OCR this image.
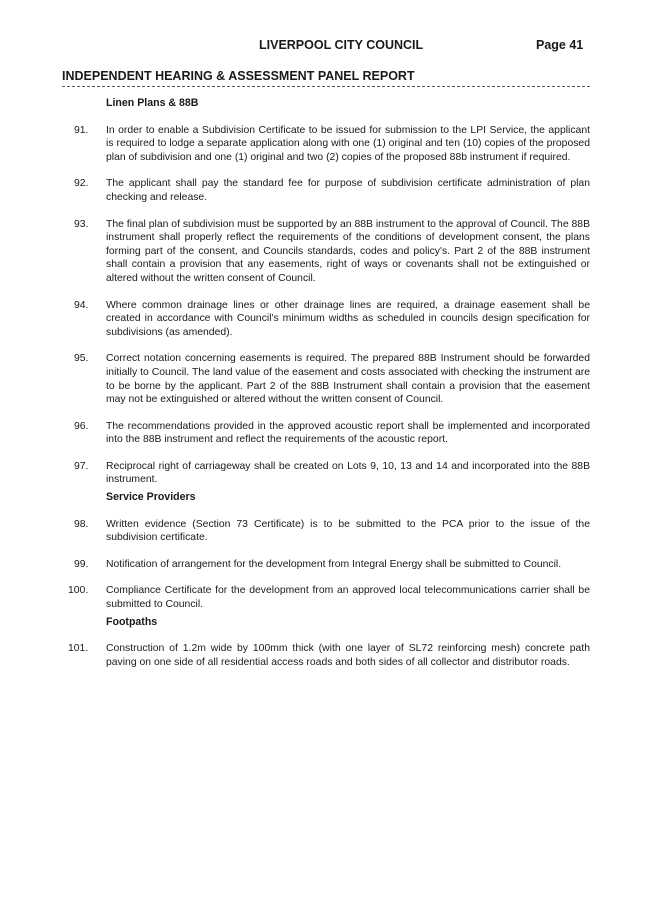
LIVERPOOL CITY COUNCIL	Page 41
INDEPENDENT HEARING & ASSESSMENT PANEL REPORT
Linen Plans & 88B
91.	In order to enable a Subdivision Certificate to be issued for submission to the LPI Service, the applicant is required to lodge a separate application along with one (1) original and ten (10) copies of the proposed plan of subdivision and one (1) original and two (2) copies of the proposed 88b instrument if required.
92.	The applicant shall pay the standard fee for purpose of subdivision certificate administration of plan checking and release.
93.	The final plan of subdivision must be supported by an 88B instrument to the approval of Council. The 88B instrument shall properly reflect the requirements of the conditions of development consent, the plans forming part of the consent, and Councils standards, codes and policy's. Part 2 of the 88B instrument shall contain a provision that any easements, right of ways or covenants shall not be extinguished or altered without the written consent of Council.
94.	Where common drainage lines or other drainage lines are required, a drainage easement shall be created in accordance with Council's minimum widths as scheduled in councils design specification for subdivisions (as amended).
95.	Correct notation concerning easements is required. The prepared 88B Instrument should be forwarded initially to Council. The land value of the easement and costs associated with checking the instrument are to be borne by the applicant. Part 2 of the 88B Instrument shall contain a provision that the easement may not be extinguished or altered without the written consent of Council.
96.	The recommendations provided in the approved acoustic report shall be implemented and incorporated into the 88B instrument and reflect the requirements of the acoustic report.
97.	Reciprocal right of carriageway shall be created on Lots 9, 10, 13 and 14 and incorporated into the 88B instrument.
Service Providers
98.	Written evidence (Section 73 Certificate) is to be submitted to the PCA prior to the issue of the subdivision certificate.
99.	Notification of arrangement for the development from Integral Energy shall be submitted to Council.
100.	Compliance Certificate for the development from an approved local telecommunications carrier shall be submitted to Council.
Footpaths
101.	Construction of 1.2m wide by 100mm thick (with one layer of SL72 reinforcing mesh) concrete path paving on one side of all residential access roads and both sides of all collector and distributor roads.
